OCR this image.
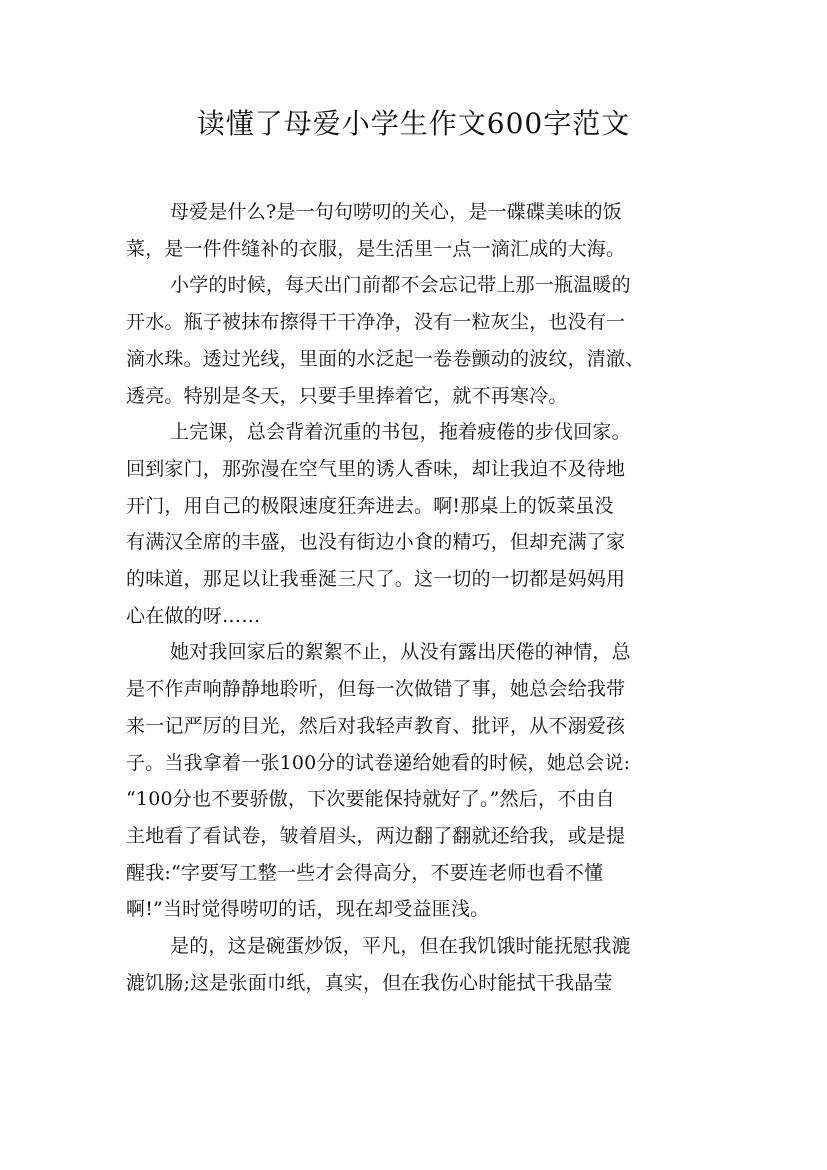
读懂了母爱小学生作文600字范文
母爱是什么?是一句句唠叨的关心，是一碟碟美味的饭
菜，是一件件缝补的衣服，是生活里一点一滴汇成的大海。
小学的时候，每天出门前都不会忘记带上那一瓶温暖的
开水。瓶子被抹布擦得干干净净，没有一粒灰尘，也没有一
滴水珠。透过光线，里面的水泛起一卷卷颤动的波纹，清澈、
透亮。特别是冬天，只要手里捧着它，就不再寒冷。
上完课，总会背着沉重的书包，拖着疲倦的步伐回家。
回到家门，那弥漫在空气里的诱人香味，却让我迫不及待地
开门，用自己的极限速度狂奔进去。啊!那桌上的饭菜虽没
有满汉全席的丰盛，也没有街边小食的精巧，但却充满了家
的味道，那足以让我垂涎三尺了。这一切的一切都是妈妈用
心在做的呀……
她对我回家后的絮絮不止，从没有露出厌倦的神情，总
是不作声响静静地聆听，但每一次做错了事，她总会给我带
来一记严厉的目光，然后对我轻声教育、批评，从不溺爱孩
子。当我拿着一张100分的试卷递给她看的时候，她总会说:
“100分也不要骄傲，下次要能保持就好了。”然后，不由自
主地看了看试卷，皱着眉头，两边翻了翻就还给我，或是提
醒我:“字要写工整一些才会得高分，不要连老师也看不懂
啊!”当时觉得唠叨的话，现在却受益匪浅。
是的，这是碗蛋炒饭，平凡，但在我饥饿时能抚慰我漉
漉饥肠;这是张面巾纸，真实，但在我伤心时能拭干我晶莹
